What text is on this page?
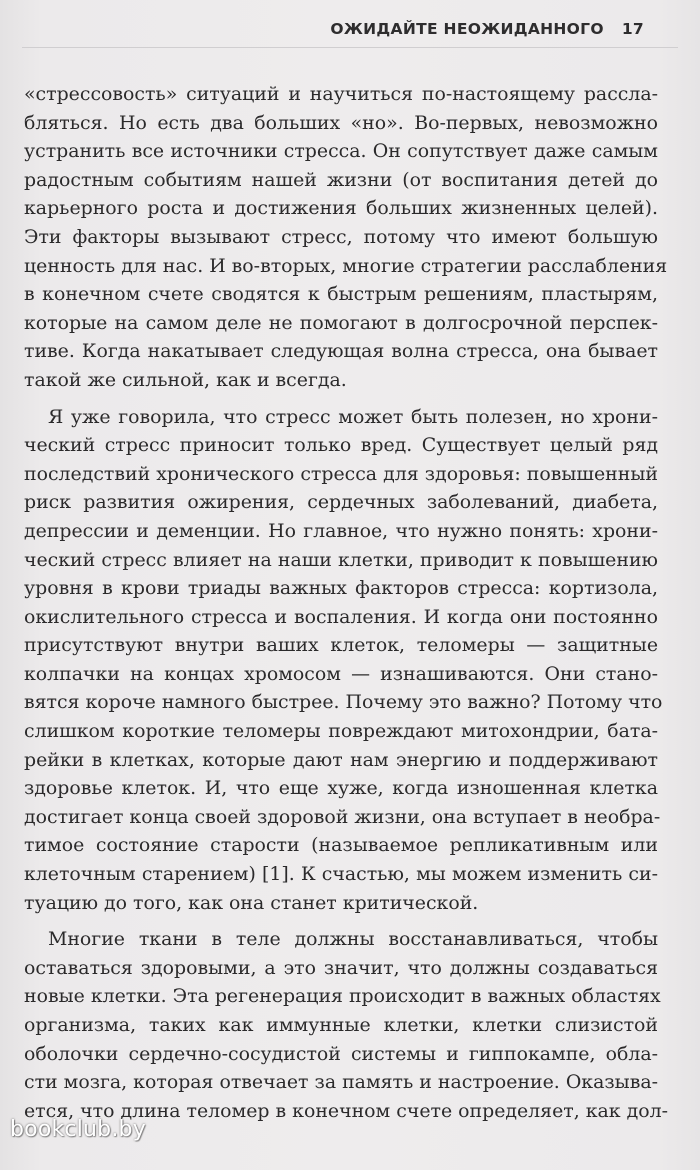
ОЖИДАЙТЕ НЕОЖИДАННОГО 17
«стрессовость» ситуаций и научиться по-настоящему рассла-
бляться. Но есть два больших «но». Во-первых, невозможно
устранить все источники стресса. Он сопутствует даже самым
радостным событиям нашей жизни (от воспитания детей до
карьерного роста и достижения больших жизненных целей).
Эти факторы вызывают стресс, потому что имеют большую
ценность для нас. И во-вторых, многие стратегии расслабления
в конечном счете сводятся к быстрым решениям, пластырям,
которые на самом деле не помогают в долгосрочной перспек-
тиве. Когда накатывает следующая волна стресса, она бывает
такой же сильной, как и всегда.
Я уже говорила, что стресс может быть полезен, но хрони-
ческий стресс приносит только вред. Существует целый ряд
последствий хронического стресса для здоровья: повышенный
риск развития ожирения, сердечных заболеваний, диабета,
депрессии и деменции. Но главное, что нужно понять: хрони-
ческий стресс влияет на наши клетки, приводит к повышению
уровня в крови триады важных факторов стресса: кортизола,
окислительного стресса и воспаления. И когда они постоянно
присутствуют внутри ваших клеток, теломеры — защитные
колпачки на концах хромосом — изнашиваются. Они стано-
вятся короче намного быстрее. Почему это важно? Потому что
слишком короткие теломеры повреждают митохондрии, бата-
рейки в клетках, которые дают нам энергию и поддерживают
здоровье клеток. И, что еще хуже, когда изношенная клетка
достигает конца своей здоровой жизни, она вступает в необра-
тимое состояние старости (называемое репликативным или
клеточным старением) [1]. К счастью, мы можем изменить си-
туацию до того, как она станет критической.
Многие ткани в теле должны восстанавливаться, чтобы
оставаться здоровыми, а это значит, что должны создаваться
новые клетки. Эта регенерация происходит в важных областях
организма, таких как иммунные клетки, клетки слизистой
оболочки сердечно-сосудистой системы и гиппокампе, обла-
сти мозга, которая отвечает за память и настроение. Оказыва-
ется, что длина теломер в конечном счете определяет, как дол-
bookclub.by
